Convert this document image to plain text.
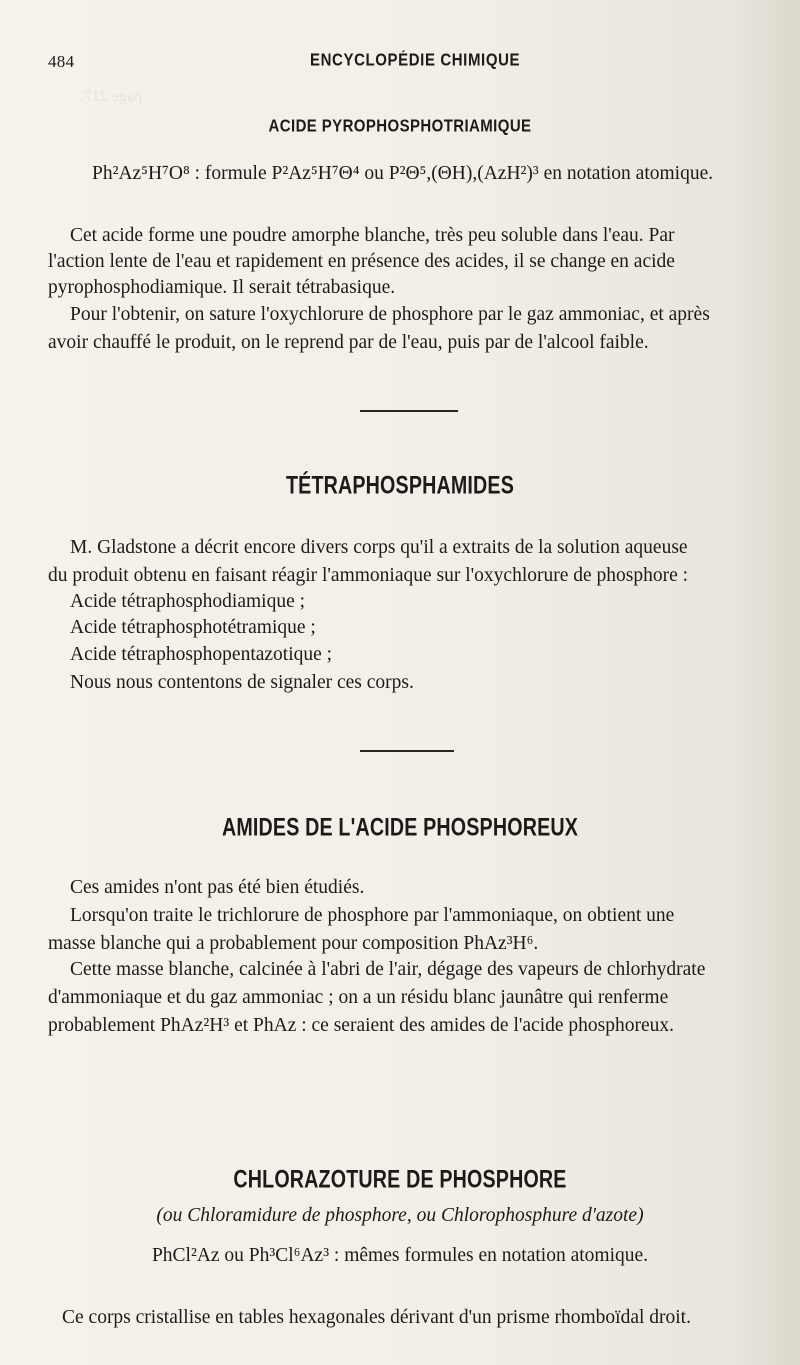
page 217.
484	ENCYCLOPÉDIE CHIMIQUE
ACIDE PYROPHOSPHOTRIAMIQUE
Ph²Az⁵H⁷O⁸ : formule P²Az⁵H⁷Θ⁴ ou P²Θ⁵,(ΘH),(AzH²)³ en notation atomique.
Cet acide forme une poudre amorphe blanche, très peu soluble dans l'eau. Par
l'action lente de l'eau et rapidement en présence des acides, il se change en acide
pyrophosphodiamique. Il serait tétrabasique.
Pour l'obtenir, on sature l'oxychlorure de phosphore par le gaz ammoniac, et après
avoir chauffé le produit, on le reprend par de l'eau, puis par de l'alcool faible.
TÉTRAPHOSPHAMIDES
M. Gladstone a décrit encore divers corps qu'il a extraits de la solution aqueuse
du produit obtenu en faisant réagir l'ammoniaque sur l'oxychlorure de phosphore :
Acide tétraphosphodiamique ;
Acide tétraphosphotétramique ;
Acide tétraphosphopentazotique ;
Nous nous contentons de signaler ces corps.
AMIDES DE L'ACIDE PHOSPHOREUX
Ces amides n'ont pas été bien étudiés.
Lorsqu'on traite le trichlorure de phosphore par l'ammoniaque, on obtient une
masse blanche qui a probablement pour composition PhAz³H⁶.
Cette masse blanche, calcinée à l'abri de l'air, dégage des vapeurs de chlorhydrate
d'ammoniaque et du gaz ammoniac ; on a un résidu blanc jaunâtre qui renferme
probablement PhAz²H³ et PhAz : ce seraient des amides de l'acide phosphoreux.
CHLORAZOTURE DE PHOSPHORE
(ou Chloramidure de phosphore, ou Chlorophosphure d'azote)
PhCl²Az ou Ph³Cl⁶Az³ : mêmes formules en notation atomique.
Ce corps cristallise en tables hexagonales dérivant d'un prisme rhomboïdal droit.
